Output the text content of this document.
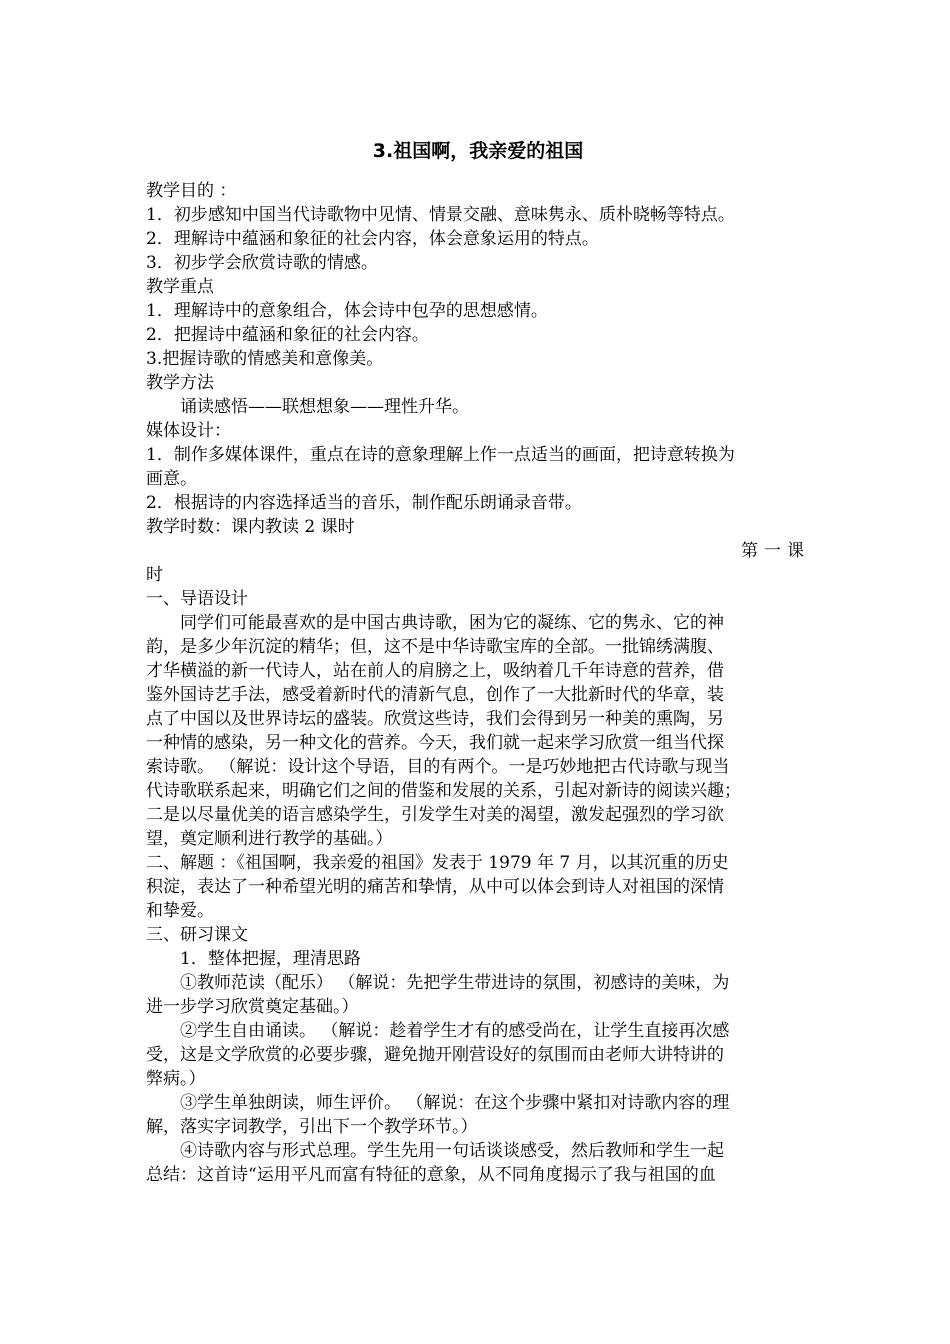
3.祖国啊，我亲爱的祖国
教学目的 ：
1．初步感知中国当代诗歌物中见情、情景交融、意味隽永、质朴晓畅等特点。
2．理解诗中蕴涵和象征的社会内容，体会意象运用的特点。
3．初步学会欣赏诗歌的情感。
教学重点
1．理解诗中的意象组合，体会诗中包孕的思想感情。
2．把握诗中蕴涵和象征的社会内容。
3.把握诗歌的情感美和意像美。
教学方法
诵读感悟——联想想象——理性升华。
媒体设计：
1．制作多媒体课件，重点在诗的意象理解上作一点适当的画面，把诗意转换为
画意。
2．根据诗的内容选择适当的音乐，制作配乐朗诵录音带。
教学时数：课内教读 2 课时
第一课
时
一、导语设计
同学们可能最喜欢的是中国古典诗歌，困为它的凝练、它的隽永、它的神
韵，是多少年沉淀的精华；但，这不是中华诗歌宝库的全部。一批锦绣满腹、
才华横溢的新一代诗人，站在前人的肩膀之上，吸纳着几千年诗意的营养，借
鉴外国诗艺手法，感受着新时代的清新气息，创作了一大批新时代的华章，装
点了中国以及世界诗坛的盛装。欣赏这些诗，我们会得到另一种美的熏陶，另
一种情的感染，另一种文化的营养。今天，我们就一起来学习欣赏一组当代探
索诗歌。 （解说：设计这个导语，目的有两个。一是巧妙地把古代诗歌与现当
代诗歌联系起来，明确它们之间的借鉴和发展的关系，引起对新诗的阅读兴趣；
二是以尽量优美的语言感染学生，引发学生对美的渴望，激发起强烈的学习欲
望，奠定顺利进行教学的基础。）
二、解题 ：《祖国啊，我亲爱的祖国》发表于 1979 年 7 月，以其沉重的历史
积淀，表达了一种希望光明的痛苦和挚情，从中可以体会到诗人对祖国的深情
和挚爱。
三、研习课文
1．整体把握，理清思路
①教师范读（配乐） （解说：先把学生带进诗的氛围，初感诗的美味，为
进一步学习欣赏奠定基础。）
②学生自由诵读。 （解说：趁着学生才有的感受尚在，让学生直接再次感
受，这是文学欣赏的必要步骤，避免抛开刚营设好的氛围而由老师大讲特讲的
弊病。）
③学生单独朗读，师生评价。 （解说：在这个步骤中紧扣对诗歌内容的理
解，落实字词教学，引出下一个教学环节。）
④诗歌内容与形式总理。学生先用一句话谈谈感受，然后教师和学生一起
总结：这首诗“运用平凡而富有特征的意象，从不同角度揭示了我与祖国的血
